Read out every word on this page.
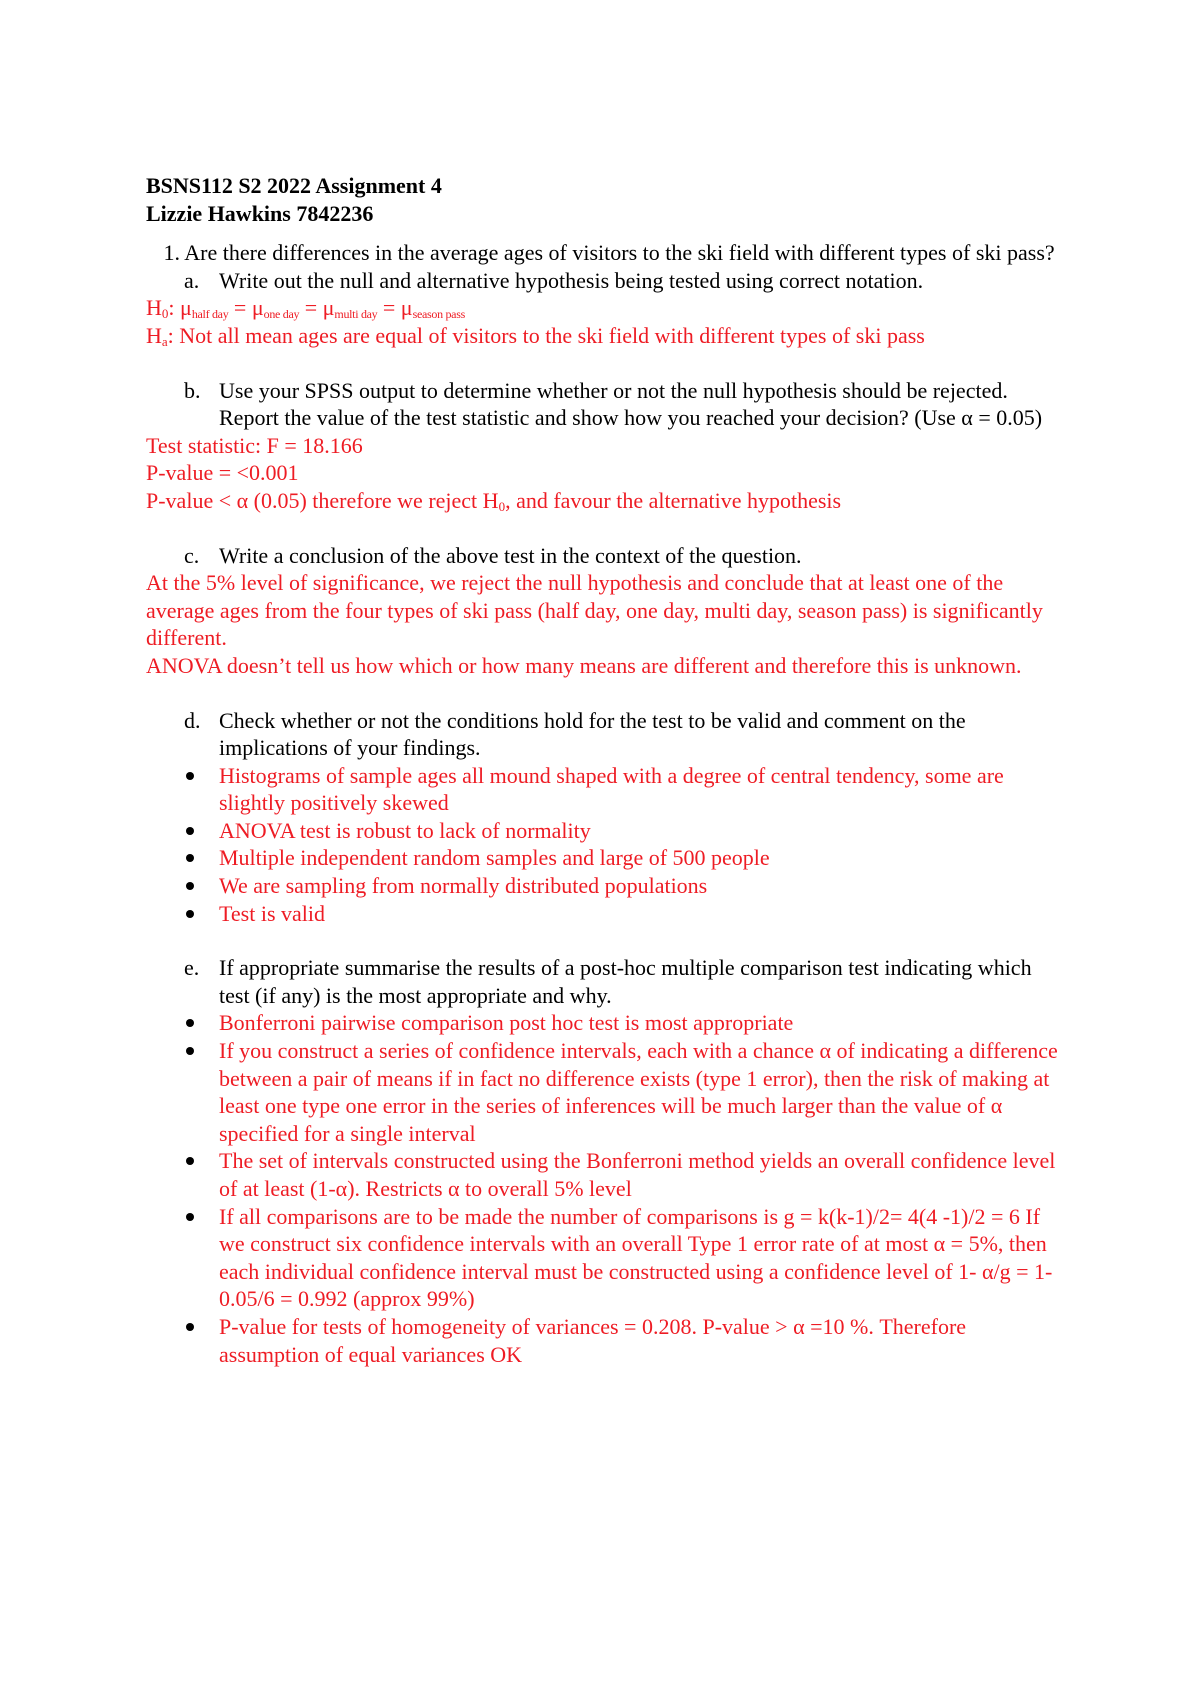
BSNS112 S2 2022 Assignment 4
Lizzie Hawkins 7842236
1. Are there differences in the average ages of visitors to the ski field with different types of ski pass?
a. Write out the null and alternative hypothesis being tested using correct notation.
$H_0$: $\mu_{half day} = \mu_{one day} = \mu_{multi day} = \mu_{season pass}$
$H_a$: Not all mean ages are equal of visitors to the ski field with different types of ski pass
b. Use your SPSS output to determine whether or not the null hypothesis should be rejected. Report the value of the test statistic and show how you reached your decision? (Use α = 0.05)
Test statistic: F = 18.166
P-value = <0.001
P-value < α (0.05) therefore we reject $H_0$, and favour the alternative hypothesis
c. Write a conclusion of the above test in the context of the question.
At the 5% level of significance, we reject the null hypothesis and conclude that at least one of the average ages from the four types of ski pass (half day, one day, multi day, season pass) is significantly different.
ANOVA doesn’t tell us how which or how many means are different and therefore this is unknown.
d. Check whether or not the conditions hold for the test to be valid and comment on the implications of your findings.
Histograms of sample ages all mound shaped with a degree of central tendency, some are slightly positively skewed
ANOVA test is robust to lack of normality
Multiple independent random samples and large of 500 people
We are sampling from normally distributed populations
Test is valid
e. If appropriate summarise the results of a post-hoc multiple comparison test indicating which test (if any) is the most appropriate and why.
Bonferroni pairwise comparison post hoc test is most appropriate
If you construct a series of confidence intervals, each with a chance α of indicating a difference between a pair of means if in fact no difference exists (type 1 error), then the risk of making at least one type one error in the series of inferences will be much larger than the value of α specified for a single interval
The set of intervals constructed using the Bonferroni method yields an overall confidence level of at least (1-α). Restricts α to overall 5% level
If all comparisons are to be made the number of comparisons is g = k(k-1)/2= 4(4 -1)/2 = 6 If we construct six confidence intervals with an overall Type 1 error rate of at most α = 5%, then each individual confidence interval must be constructed using a confidence level of 1- α/g = 1- 0.05/6 = 0.992 (approx 99%)
P-value for tests of homogeneity of variances = 0.208. P-value > α =10 %. Therefore assumption of equal variances OK
